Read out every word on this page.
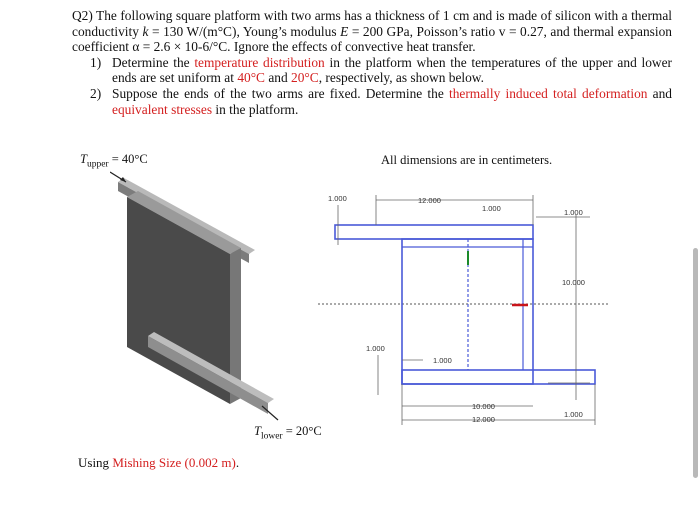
Q2) The following square platform with two arms has a thickness of 1 cm and is made of silicon with a thermal conductivity k = 130 W/(m°C), Young’s modulus E = 200 GPa, Poisson’s ratio v = 0.27, and thermal expansion coefficient α = 2.6 × 10-6/°C. Ignore the effects of convective heat transfer.

1) Determine the temperature distribution in the platform when the temperatures of the upper and lower ends are set uniform at 40°C and 20°C, respectively, as shown below.
2) Suppose the ends of the two arms are fixed. Determine the thermally induced total deformation and equivalent stresses in the platform.
$T_{upper} = 40^\circ C$
$T_{lower} = 20^\circ C$
All dimensions are in centimeters.
1.000	12.000
1.000	1.000
10.000
1.000
1.000
10.000
12.000
1.000
Using Mishing Size (0.002 m).
